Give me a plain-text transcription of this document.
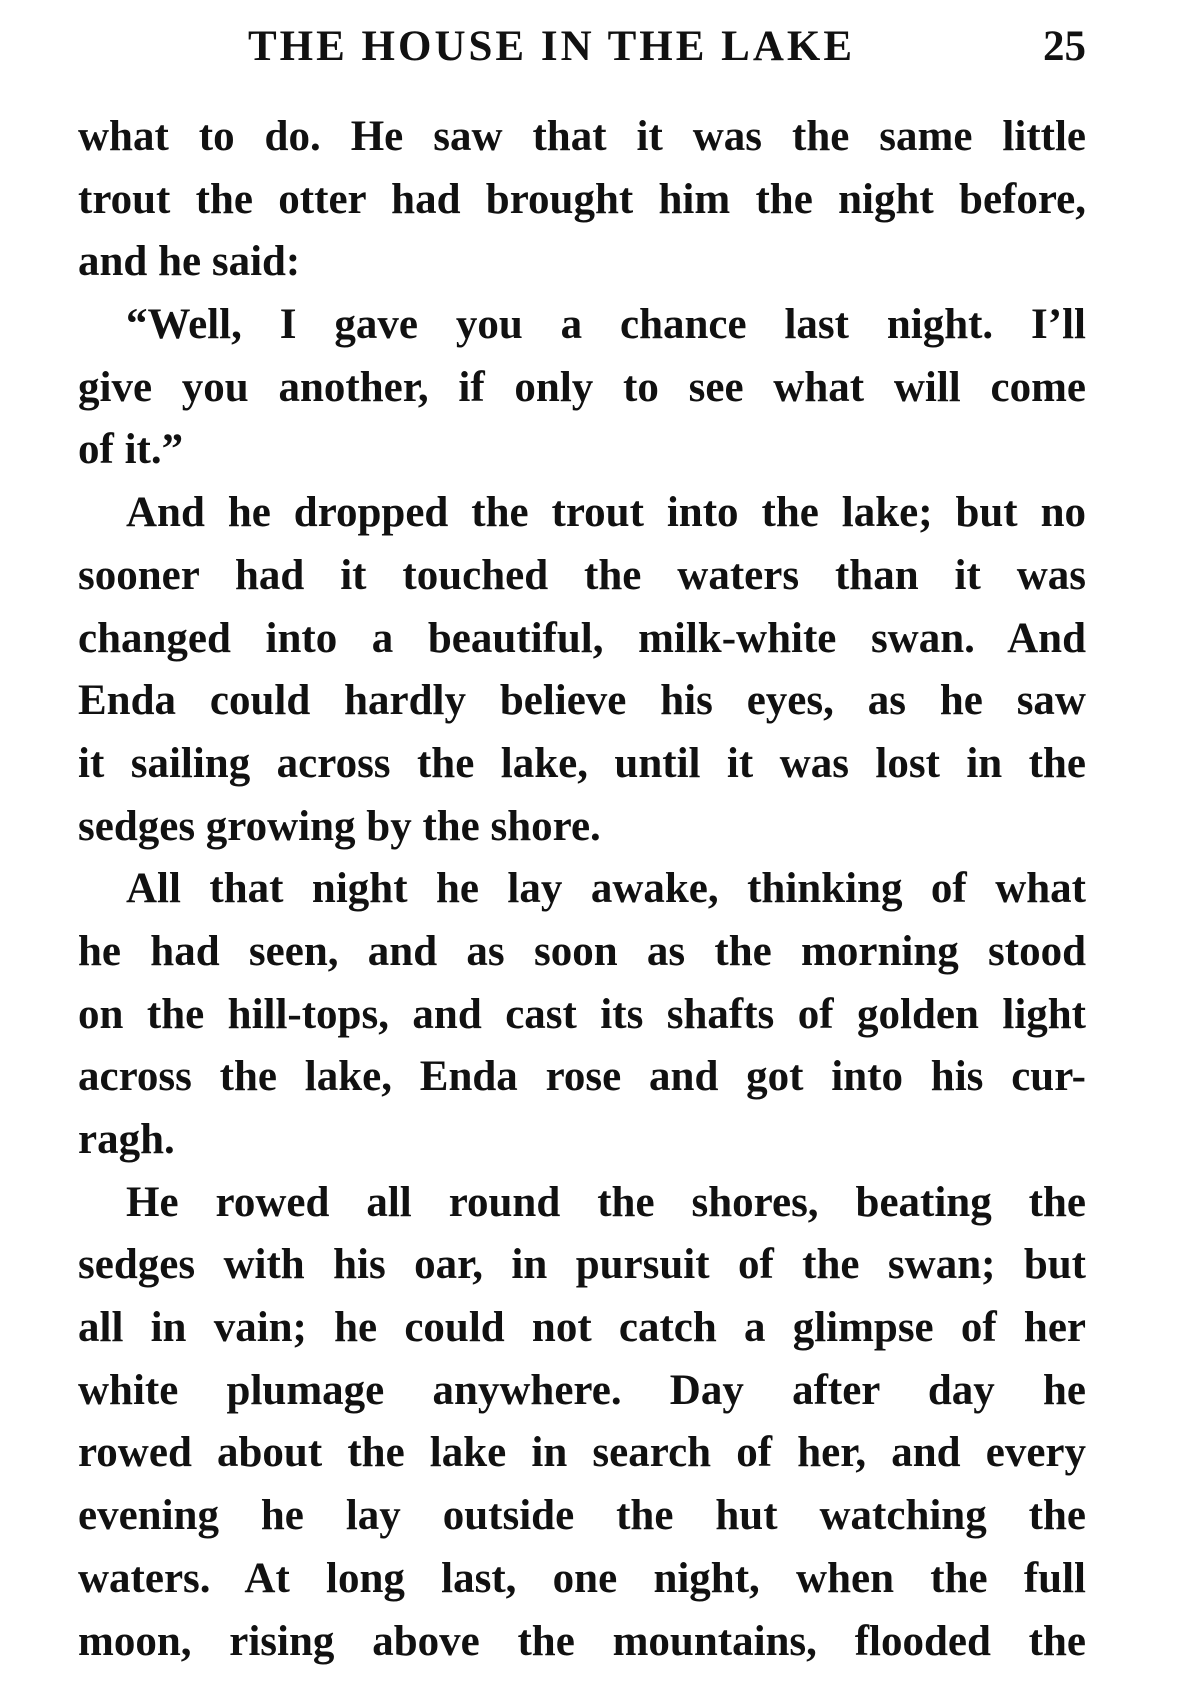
THE HOUSE IN THE LAKE	25
what to do. He saw that it was the same little
trout the otter had brought him the night before,
and he said:
“Well, I gave you a chance last night. I’ll
give you another, if only to see what will come
of it.”
And he dropped the trout into the lake; but no
sooner had it touched the waters than it was
changed into a beautiful, milk-white swan. And
Enda could hardly believe his eyes, as he saw
it sailing across the lake, until it was lost in the
sedges growing by the shore.
All that night he lay awake, thinking of what
he had seen, and as soon as the morning stood
on the hill-tops, and cast its shafts of golden light
across the lake, Enda rose and got into his cur-
ragh.
He rowed all round the shores, beating the
sedges with his oar, in pursuit of the swan; but
all in vain; he could not catch a glimpse of her
white plumage anywhere. Day after day he
rowed about the lake in search of her, and every
evening he lay outside the hut watching the
waters. At long last, one night, when the full
moon, rising above the mountains, flooded the
